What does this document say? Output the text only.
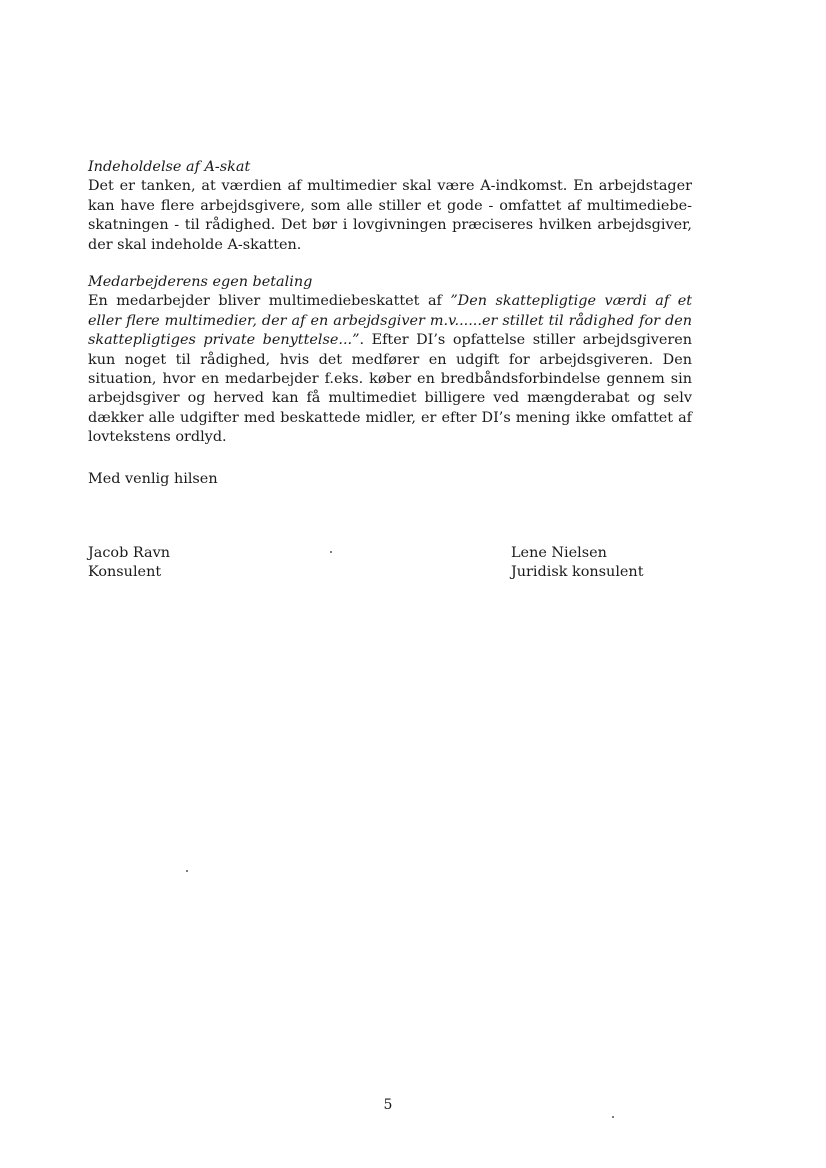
Indeholdelse af A-skat

Det er tanken, at værdien af multimedier skal være A-indkomst. En arbejdstager kan have flere arbejdsgivere, som alle stiller et gode - omfattet af multimediebeskatningen - til rådighed. Det bør i lovgivningen præciseres hvilken arbejdsgiver, der skal indeholde A-skatten.

Medarbejderens egen betaling

En medarbejder bliver multimediebeskattet af ”Den skattepligtige værdi af et eller flere multimedier, der af en arbejdsgiver m.v......er stillet til rådighed for den skattepligtiges private benyttelse...”. Efter DI’s opfattelse stiller arbejdsgiveren kun noget til rådighed, hvis det medfører en udgift for arbejdsgiveren. Den situation, hvor en medarbejder f.eks. køber en bredbåndsforbindelse gennem sin arbejdsgiver og herved kan få multimediet billigere ved mængderabat og selv dækker alle udgifter med beskattede midler, er efter DI’s mening ikke omfattet af lovtekstens ordlyd.

Med venlig hilsen
Jacob Ravn
Konsulent
Lene Nielsen
Juridisk konsulent
5
